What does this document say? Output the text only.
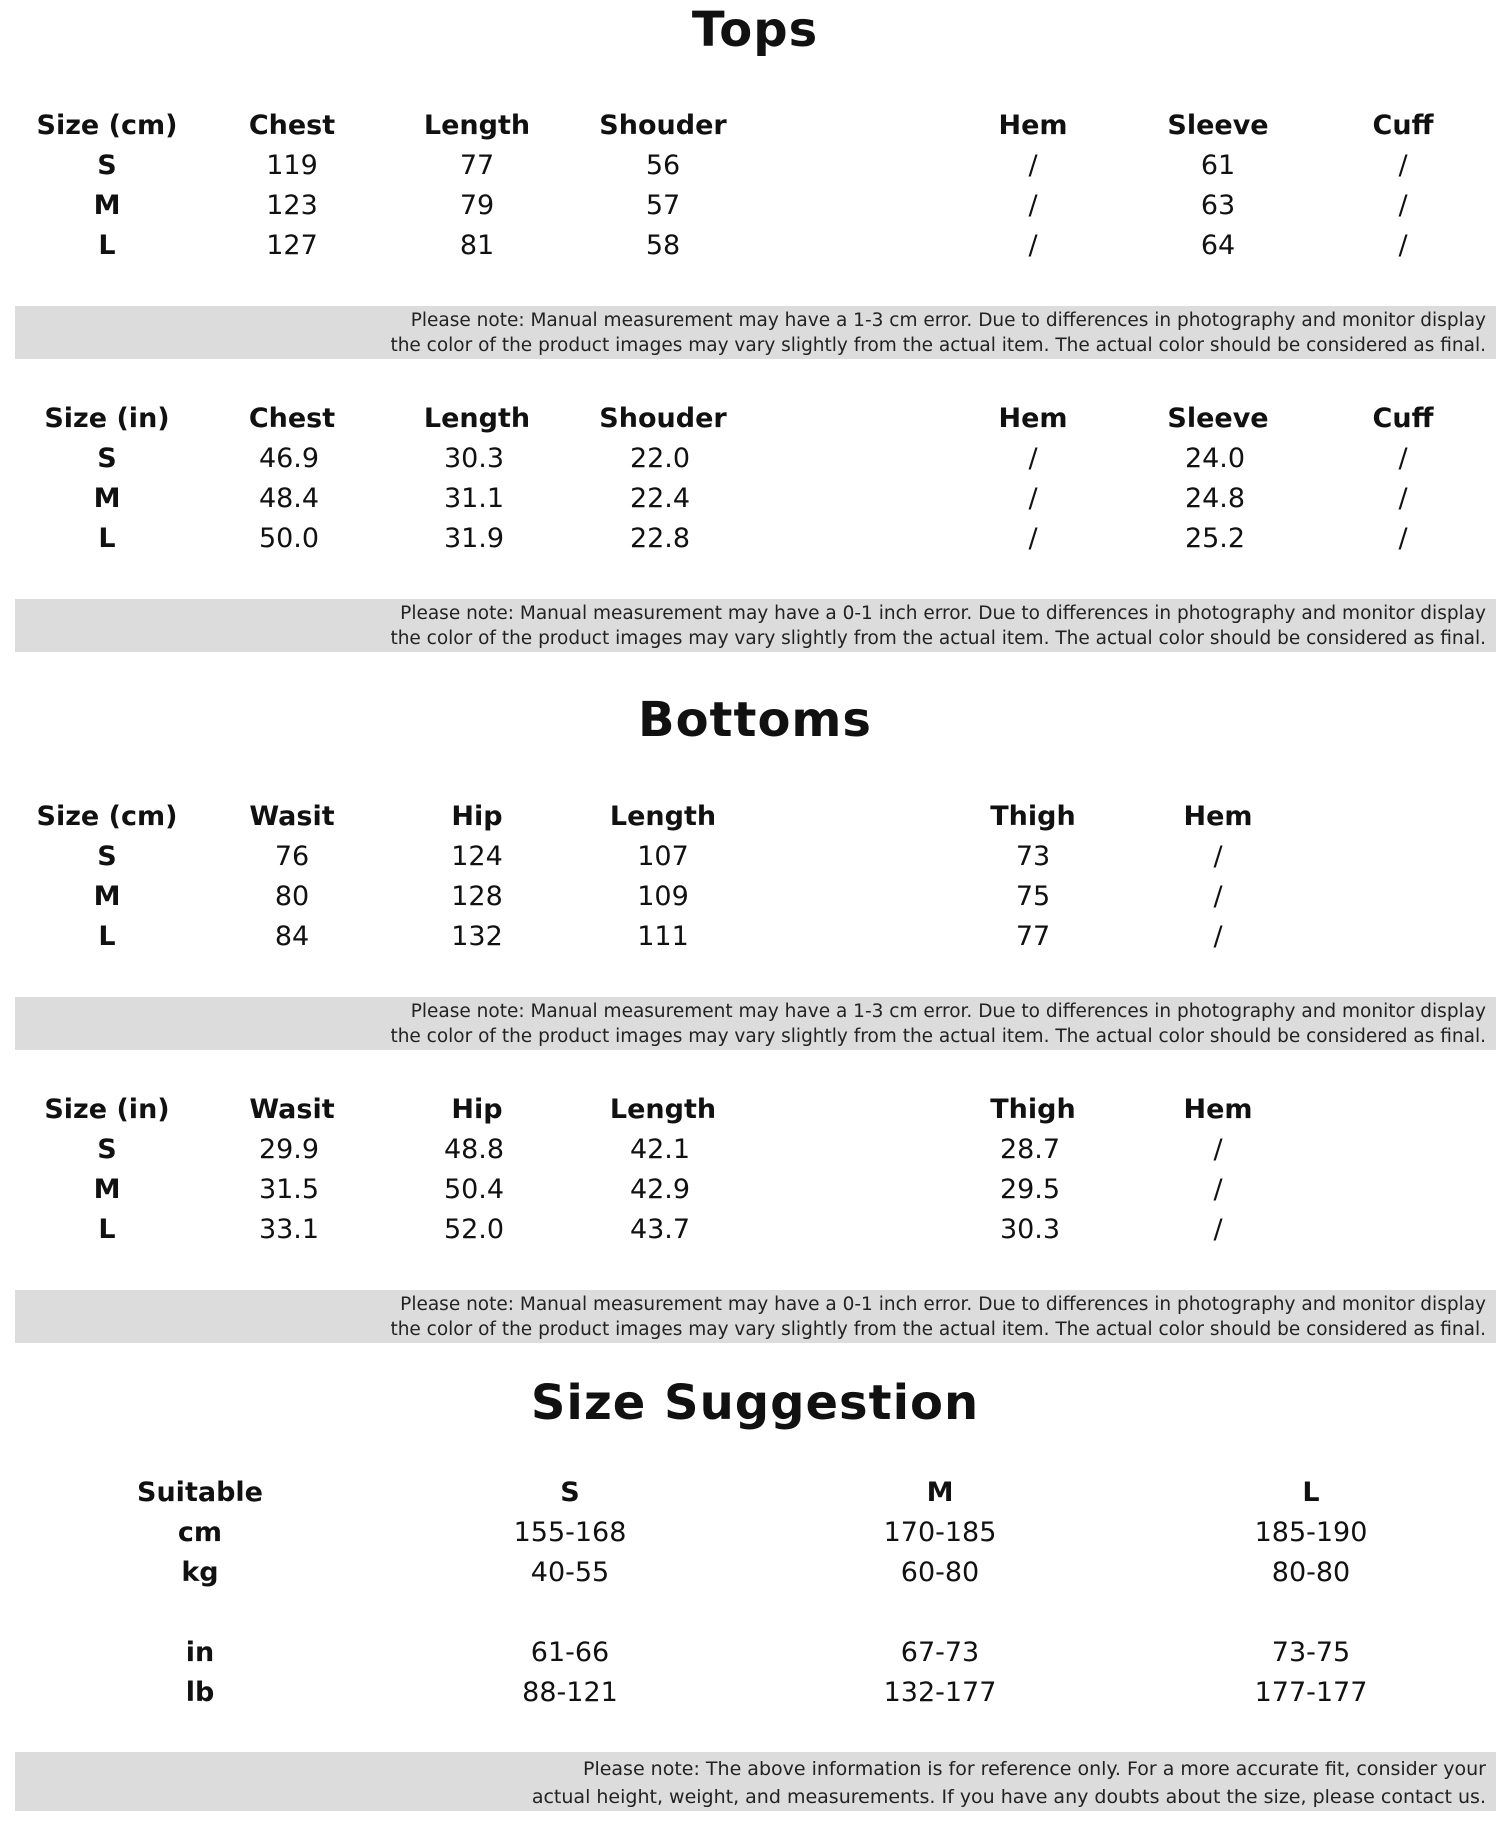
Tops
Size (cm)	Chest	Length	Shouder	Hem	Sleeve	Cuff
S	119	77	56	/	61	/
M	123	79	57	/	63	/
L	127	81	58	/	64	/
Please note: Manual measurement may have a 1-3 cm error. Due to differences in photography and monitor display
the color of the product images may vary slightly from the actual item. The actual color should be considered as final.
Size (in)	Chest	Length	Shouder	Hem	Sleeve	Cuff
S	46.9	30.3	22.0	/	24.0	/
M	48.4	31.1	22.4	/	24.8	/
L	50.0	31.9	22.8	/	25.2	/
Please note: Manual measurement may have a 0-1 inch error. Due to differences in photography and monitor display
the color of the product images may vary slightly from the actual item. The actual color should be considered as final.
Bottoms
Size (cm)	Wasit	Hip	Length	Thigh	Hem
S	76	124	107	73	/
M	80	128	109	75	/
L	84	132	111	77	/
Please note: Manual measurement may have a 1-3 cm error. Due to differences in photography and monitor display
the color of the product images may vary slightly from the actual item. The actual color should be considered as final.
Size (in)	Wasit	Hip	Length	Thigh	Hem
S	29.9	48.8	42.1	28.7	/
M	31.5	50.4	42.9	29.5	/
L	33.1	52.0	43.7	30.3	/
Please note: Manual measurement may have a 0-1 inch error. Due to differences in photography and monitor display
the color of the product images may vary slightly from the actual item. The actual color should be considered as final.
Size Suggestion
Suitable	S	M	L
cm	155-168	170-185	185-190
kg	40-55	60-80	80-80
in	61-66	67-73	73-75
lb	88-121	132-177	177-177
Please note: The above information is for reference only. For a more accurate fit, consider your
actual height, weight, and measurements. If you have any doubts about the size, please contact us.
